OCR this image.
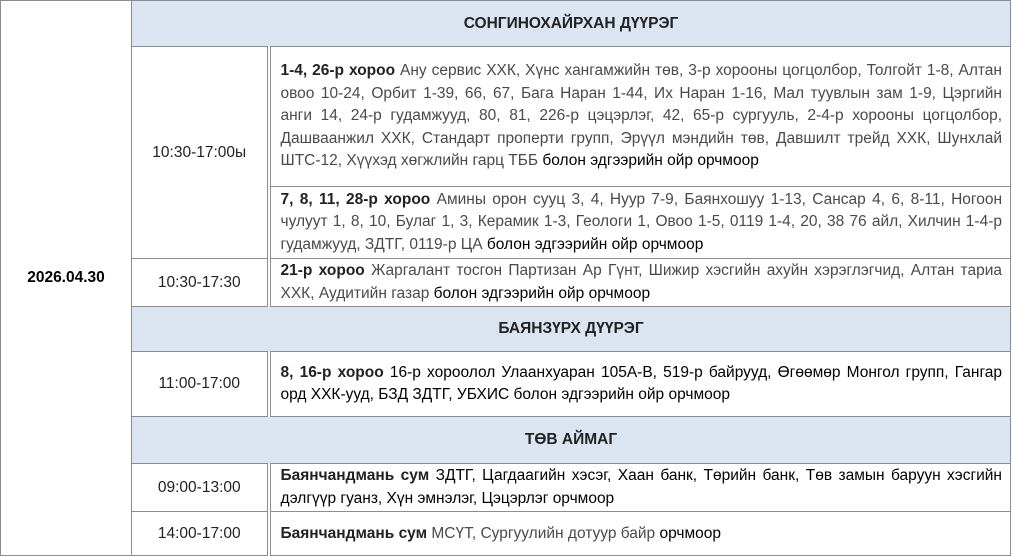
2026.04.30	СОНГИНОХАЙРХАН ДҮҮРЭГ	
	10:30-17:00ы	1-4, 26-р хороо Ану сервис ХХК, Хүнс хангамжийн төв, 3-р хорооны цогцолбор, Толгойт 1-8, Алтан овоо 10-24, Орбит 1-39, 66, 67, Бага Наран 1-44, Их Наран 1-16, Мал туувлын зам 1-9, Цэргийн анги 14, 24-р гудамжууд, 80, 81, 226-р цэцэрлэг, 42, 65-р сургууль, 2-4-р хорооны цогцолбор, Дашваанжил ХХК, Стандарт проперти групп, Эрүүл мэндийн төв, Давшилт трейд ХХК, Шунхлай ШТС-12, Хүүхэд хөгжлийн гарц ТББ болон эдгээрийн ойр орчмоор
		7, 8, 11, 28-р хороо Амины орон сууц 3, 4, Нуур 7-9, Баянхошуу 1-13, Сансар 4, 6, 8-11, Ногоон чулуут 1, 8, 10, Булаг 1, 3, Керамик 1-3, Геологи 1, Овоо 1-5, 0119 1-4, 20, 38 76 айл, Хилчин 1-4-р гудамжууд, ЗДТГ, 0119-р ЦА болон эдгээрийн ойр орчмоор
	10:30-17:30	21-р хороо Жаргалант тосгон Партизан Ар Гүнт, Шижир хэсгийн ахуйн хэрэглэгчид, Алтан тариа ХХК, Аудитийн газар болон эдгээрийн ойр орчмоор
	БАЯНЗҮРХ ДҮҮРЭГ	
	11:00-17:00	8, 16-р хороо 16-р хороолол Улаанхуаран 105А-В, 519-р байрууд, Өгөөмөр Монгол групп, Гангар орд ХХК-ууд, БЗД ЗДТГ, УБХИС болон эдгээрийн ойр орчмоор
	ТӨВ АЙМАГ	
	09:00-13:00	Баянчандмань сум ЗДТГ, Цагдаагийн хэсэг, Хаан банк, Төрийн банк, Төв замын баруун хэсгийн дэлгүүр гуанз, Хүн эмнэлэг, Цэцэрлэг орчмоор
	14:00-17:00	Баянчандмань сум МСҮТ, Сургуулийн дотуур байр орчмоор
